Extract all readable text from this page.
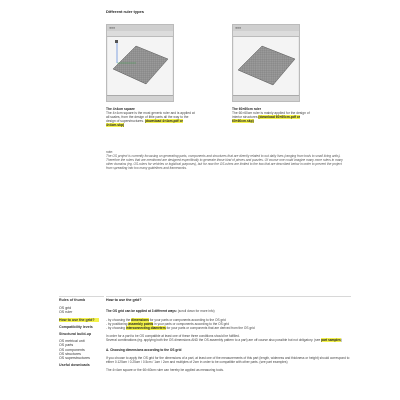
Different ruler types
●●●	●●●
The 4×4cm square
The 4×4cm square is the most generic ruler and is applied at all scales, from the design of little parts all the way to the design of superstructures. (download 4×4cm.pdf or 4×4cm.skp)
The 60×60cm ruler
The 60×60cm ruler is mainly applied for the design of interior structures (download 60×60cm.pdf or 60×60cm.skp)
note:
The OS project is currently focussing on generating parts, components and structures that are directly related to out daily lives (ranging from tools to small living units). Therefore the rulers that are mentioned are designed especifically to generate those kind of pieces and puzzles. Of course one could imagine many more rulers in many other domains (eg. OS-rulers for vehicles or logistical purposes), but for now the OS-rulers are limited to the two that are described below in order to prevent the project from spreading into too many guidelines and frameworks.
Rules of thumb
OS grid
OS ruler
How to use the grid?
Compatibility levels
Structural build-up
OS metrical unit
OS parts
OS components
OS structures
OS superstructures
Useful downloads
How to use the grid?
The OS grid can be applied at 3 different ways: (scroll down for more info)
- by choosing the dimensions for your parts or components according to the OS grid
- by positioning assembly points in your parts or components according to the OS grid
- by choosing interconnecting diameters for your parts or components that are derived from the OS grid
In order for a part to be OS compatible at least one of these three conditions should be fulfilled.
Several combinations (eg. applying both the OS dimensions AND the OS assembly pattern to a part) are off course also possible but not obligatory. (see part samples)
A. Choosing dimensions according to the OS grid
If you choose to apply the OS grid for the dimensions of a part, at least one of the measurements of this part (length, wideness and thickness or height) should correspond to either 0.125cm / 0.25cm / 0.5cm / 1cm / 2cm and multiples of 2cm in order to be compatible with other parts. (see part examples)
The 4×4cm square or the 60×60cm ruler can hereby be applied as measuring tools.
